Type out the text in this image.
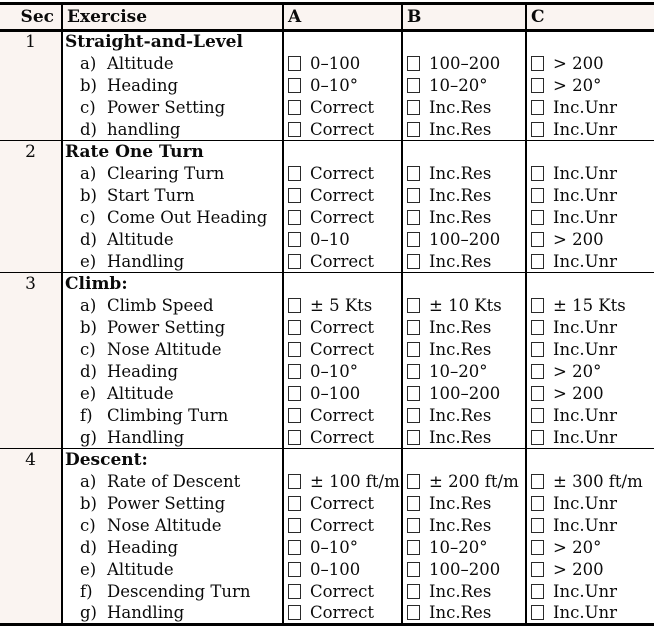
Sec	Exercise	A	B	C
1	Straight-and-Level			
	a) Altitude	0–100	100–200	> 200
	b) Heading	0–10°	10–20°	> 20°
	c) Power Setting	Correct	Inc.Res	Inc.Unr
	d) handling	Correct	Inc.Res	Inc.Unr
2	Rate One Turn			
	a) Clearing Turn	Correct	Inc.Res	Inc.Unr
	b) Start Turn	Correct	Inc.Res	Inc.Unr
	c) Come Out Heading	Correct	Inc.Res	Inc.Unr
	d) Altitude	0–10	100–200	> 200
	e) Handling	Correct	Inc.Res	Inc.Unr
3	Climb:			
	a) Climb Speed	± 5 Kts	± 10 Kts	± 15 Kts
	b) Power Setting	Correct	Inc.Res	Inc.Unr
	c) Nose Altitude	Correct	Inc.Res	Inc.Unr
	d) Heading	0–10°	10–20°	> 20°
	e) Altitude	0–100	100–200	> 200
	f) Climbing Turn	Correct	Inc.Res	Inc.Unr
	g) Handling	Correct	Inc.Res	Inc.Unr
4	Descent:			
	a) Rate of Descent	± 100 ft/m	± 200 ft/m	± 300 ft/m
	b) Power Setting	Correct	Inc.Res	Inc.Unr
	c) Nose Altitude	Correct	Inc.Res	Inc.Unr
	d) Heading	0–10°	10–20°	> 20°
	e) Altitude	0–100	100–200	> 200
	f) Descending Turn	Correct	Inc.Res	Inc.Unr
	g) Handling	Correct	Inc.Res	Inc.Unr
